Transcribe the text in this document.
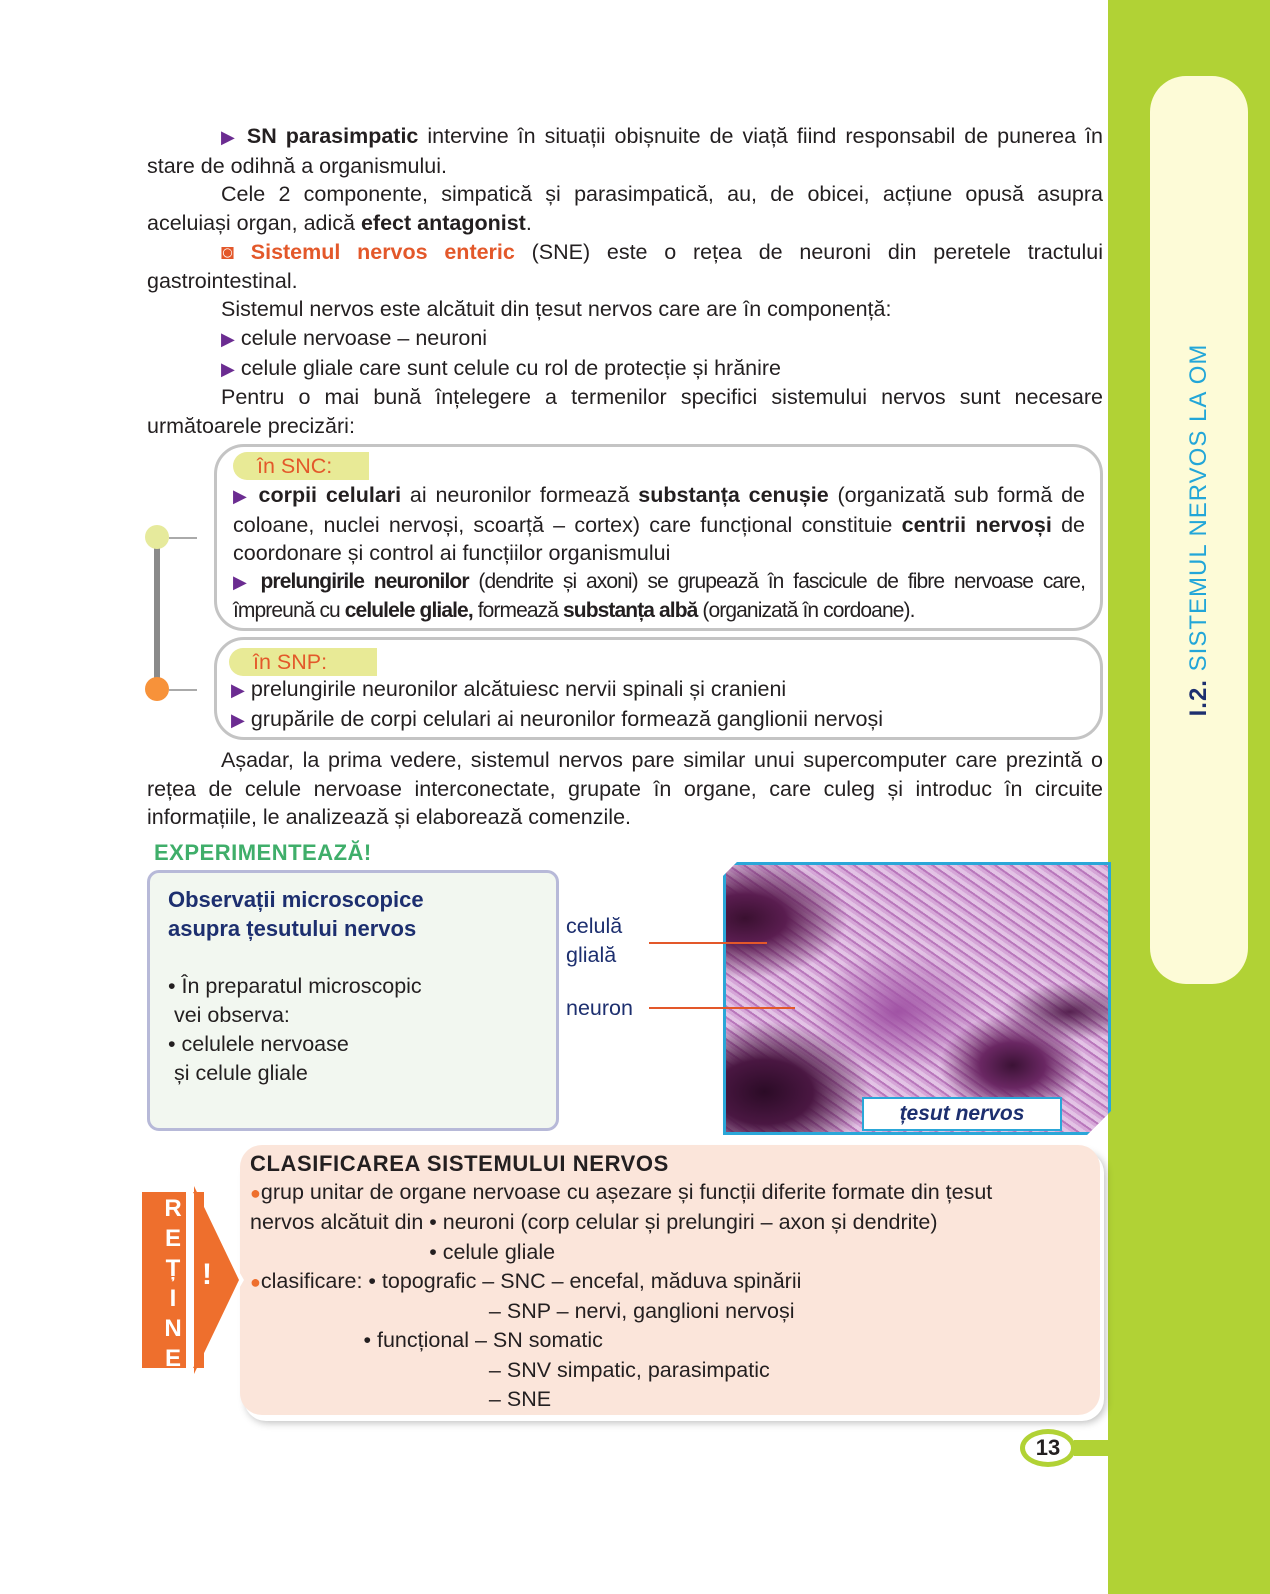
I.2. SISTEMUL NERVOS LA OM

▶ SN parasimpatic intervine în situații obișnuite de viață fiind responsabil de punerea în stare de odihnă a organismului.

Cele 2 componente, simpatică și parasimpatică, au, de obicei, acțiune opusă asupra aceluiași organ, adică efect antagonist.

◙ Sistemul nervos enteric (SNE) este o rețea de neuroni din peretele tractului gastrointestinal.

Sistemul nervos este alcătuit din țesut nervos care are în componență:

▶ celule nervoase – neuroni

▶ celule gliale care sunt celule cu rol de protecție și hrănire

Pentru o mai bună înțelegere a termenilor specifici sistemului nervos sunt necesare următoarele precizări:

în SNC:
▶ corpii celulari ai neuronilor formează substanța cenușie (organizată sub formă de coloane, nuclei nervoși, scoarță – cortex) care funcțional constituie centrii nervoși de coordonare și control ai funcțiilor organismului
▶ prelungirile neuronilor (dendrite și axoni) se grupează în fascicule de fibre nervoase care, împreună cu celulele gliale, formează substanța albă (organizată în cordoane).
în SNP:
▶ prelungirile neuronilor alcătuiesc nervii spinali și cranieni
▶ grupările de corpi celulari ai neuronilor formează ganglionii nervoși

Așadar, la prima vedere, sistemul nervos pare similar unui supercomputer care prezintă o rețea de celule nervoase interconectate, grupate în organe, care culeg și introduc în circuite informațiile, le analizează și elaborează comenzile.

EXPERIMENTEAZĂ!
Observații microscopice
asupra țesutului nervos
• În preparatul microscopic
vei observa:
• celulele nervoase
și celule gliale
celulă
glială
neuron
țesut nervos
CLASIFICAREA SISTEMULUI NERVOS
●grup unitar de organe nervoase cu așezare și funcții diferite formate din țesut
nervos alcătuit din • neuroni (corp celular și prelungiri – axon și dendrite)
• celule gliale
●clasificare: • topografic – SNC – encefal, măduva spinării
– SNP – nervi, ganglioni nervoși
• funcțional – SN somatic
– SNV simpatic, parasimpatic
– SNE
!
R
E
Ț
I
N
E
13
